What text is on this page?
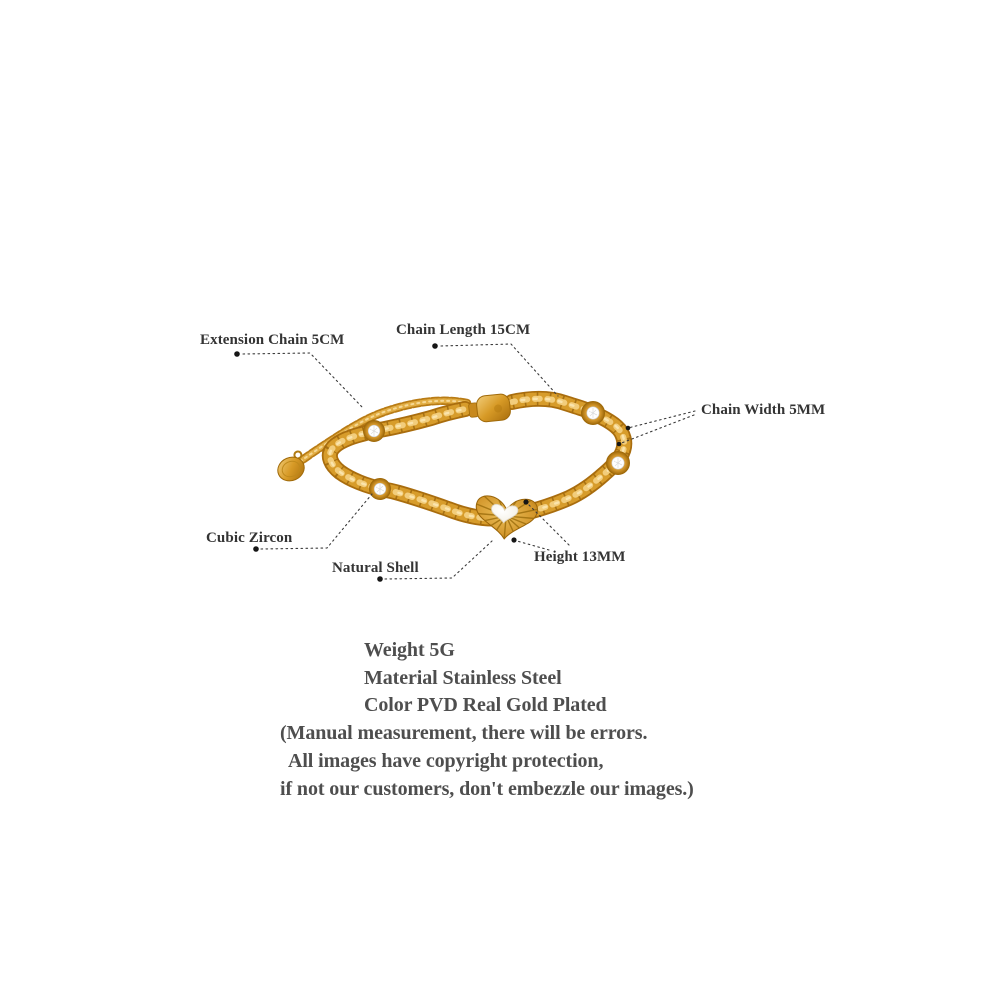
Extension Chain 5CM
Chain Length 15CM
Chain Width 5MM
Cubic Zircon
Natural Shell
Height 13MM
Weight 5G
Material Stainless Steel
Color PVD Real Gold Plated
(Manual measurement, there will be errors.
All images have copyright protection,
if not our customers, don't embezzle our images.)
